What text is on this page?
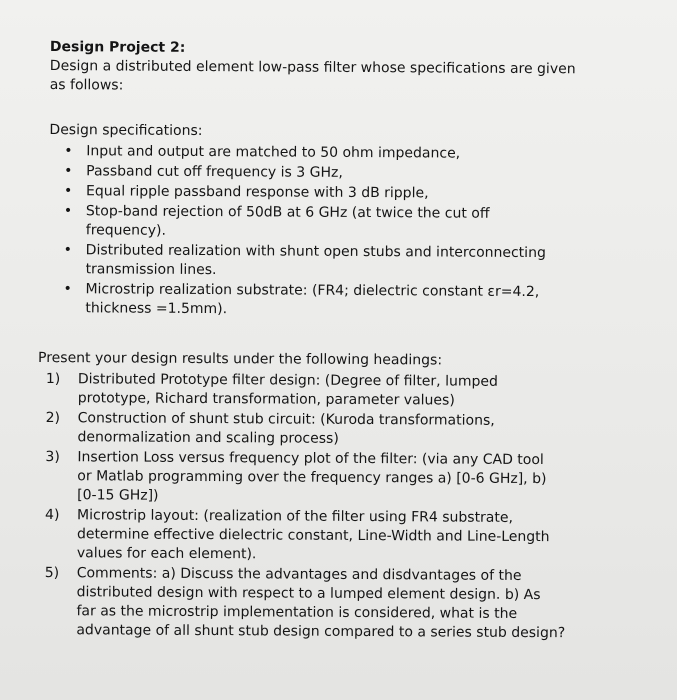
Design Project 2:
Design a distributed element low-pass filter whose specifications are given
as follows:
Design specifications:
• Input and output are matched to 50 ohm impedance,
• Passband cut off frequency is 3 GHz,
• Equal ripple passband response with 3 dB ripple,
• Stop-band rejection of 50dB at 6 GHz (at twice the cut off
frequency).
• Distributed realization with shunt open stubs and interconnecting
transmission lines.
• Microstrip realization substrate: (FR4; dielectric constant εr=4.2,
thickness =1.5mm).
Present your design results under the following headings:
1) Distributed Prototype filter design: (Degree of filter, lumped
prototype, Richard transformation, parameter values)
2) Construction of shunt stub circuit: (Kuroda transformations,
denormalization and scaling process)
3) Insertion Loss versus frequency plot of the filter: (via any CAD tool
or Matlab programming over the frequency ranges a) [0-6 GHz], b)
[0-15 GHz])
4) Microstrip layout: (realization of the filter using FR4 substrate,
determine effective dielectric constant, Line-Width and Line-Length
values for each element).
5) Comments: a) Discuss the advantages and disdvantages of the
distributed design with respect to a lumped element design. b) As
far as the microstrip implementation is considered, what is the
advantage of all shunt stub design compared to a series stub design?
